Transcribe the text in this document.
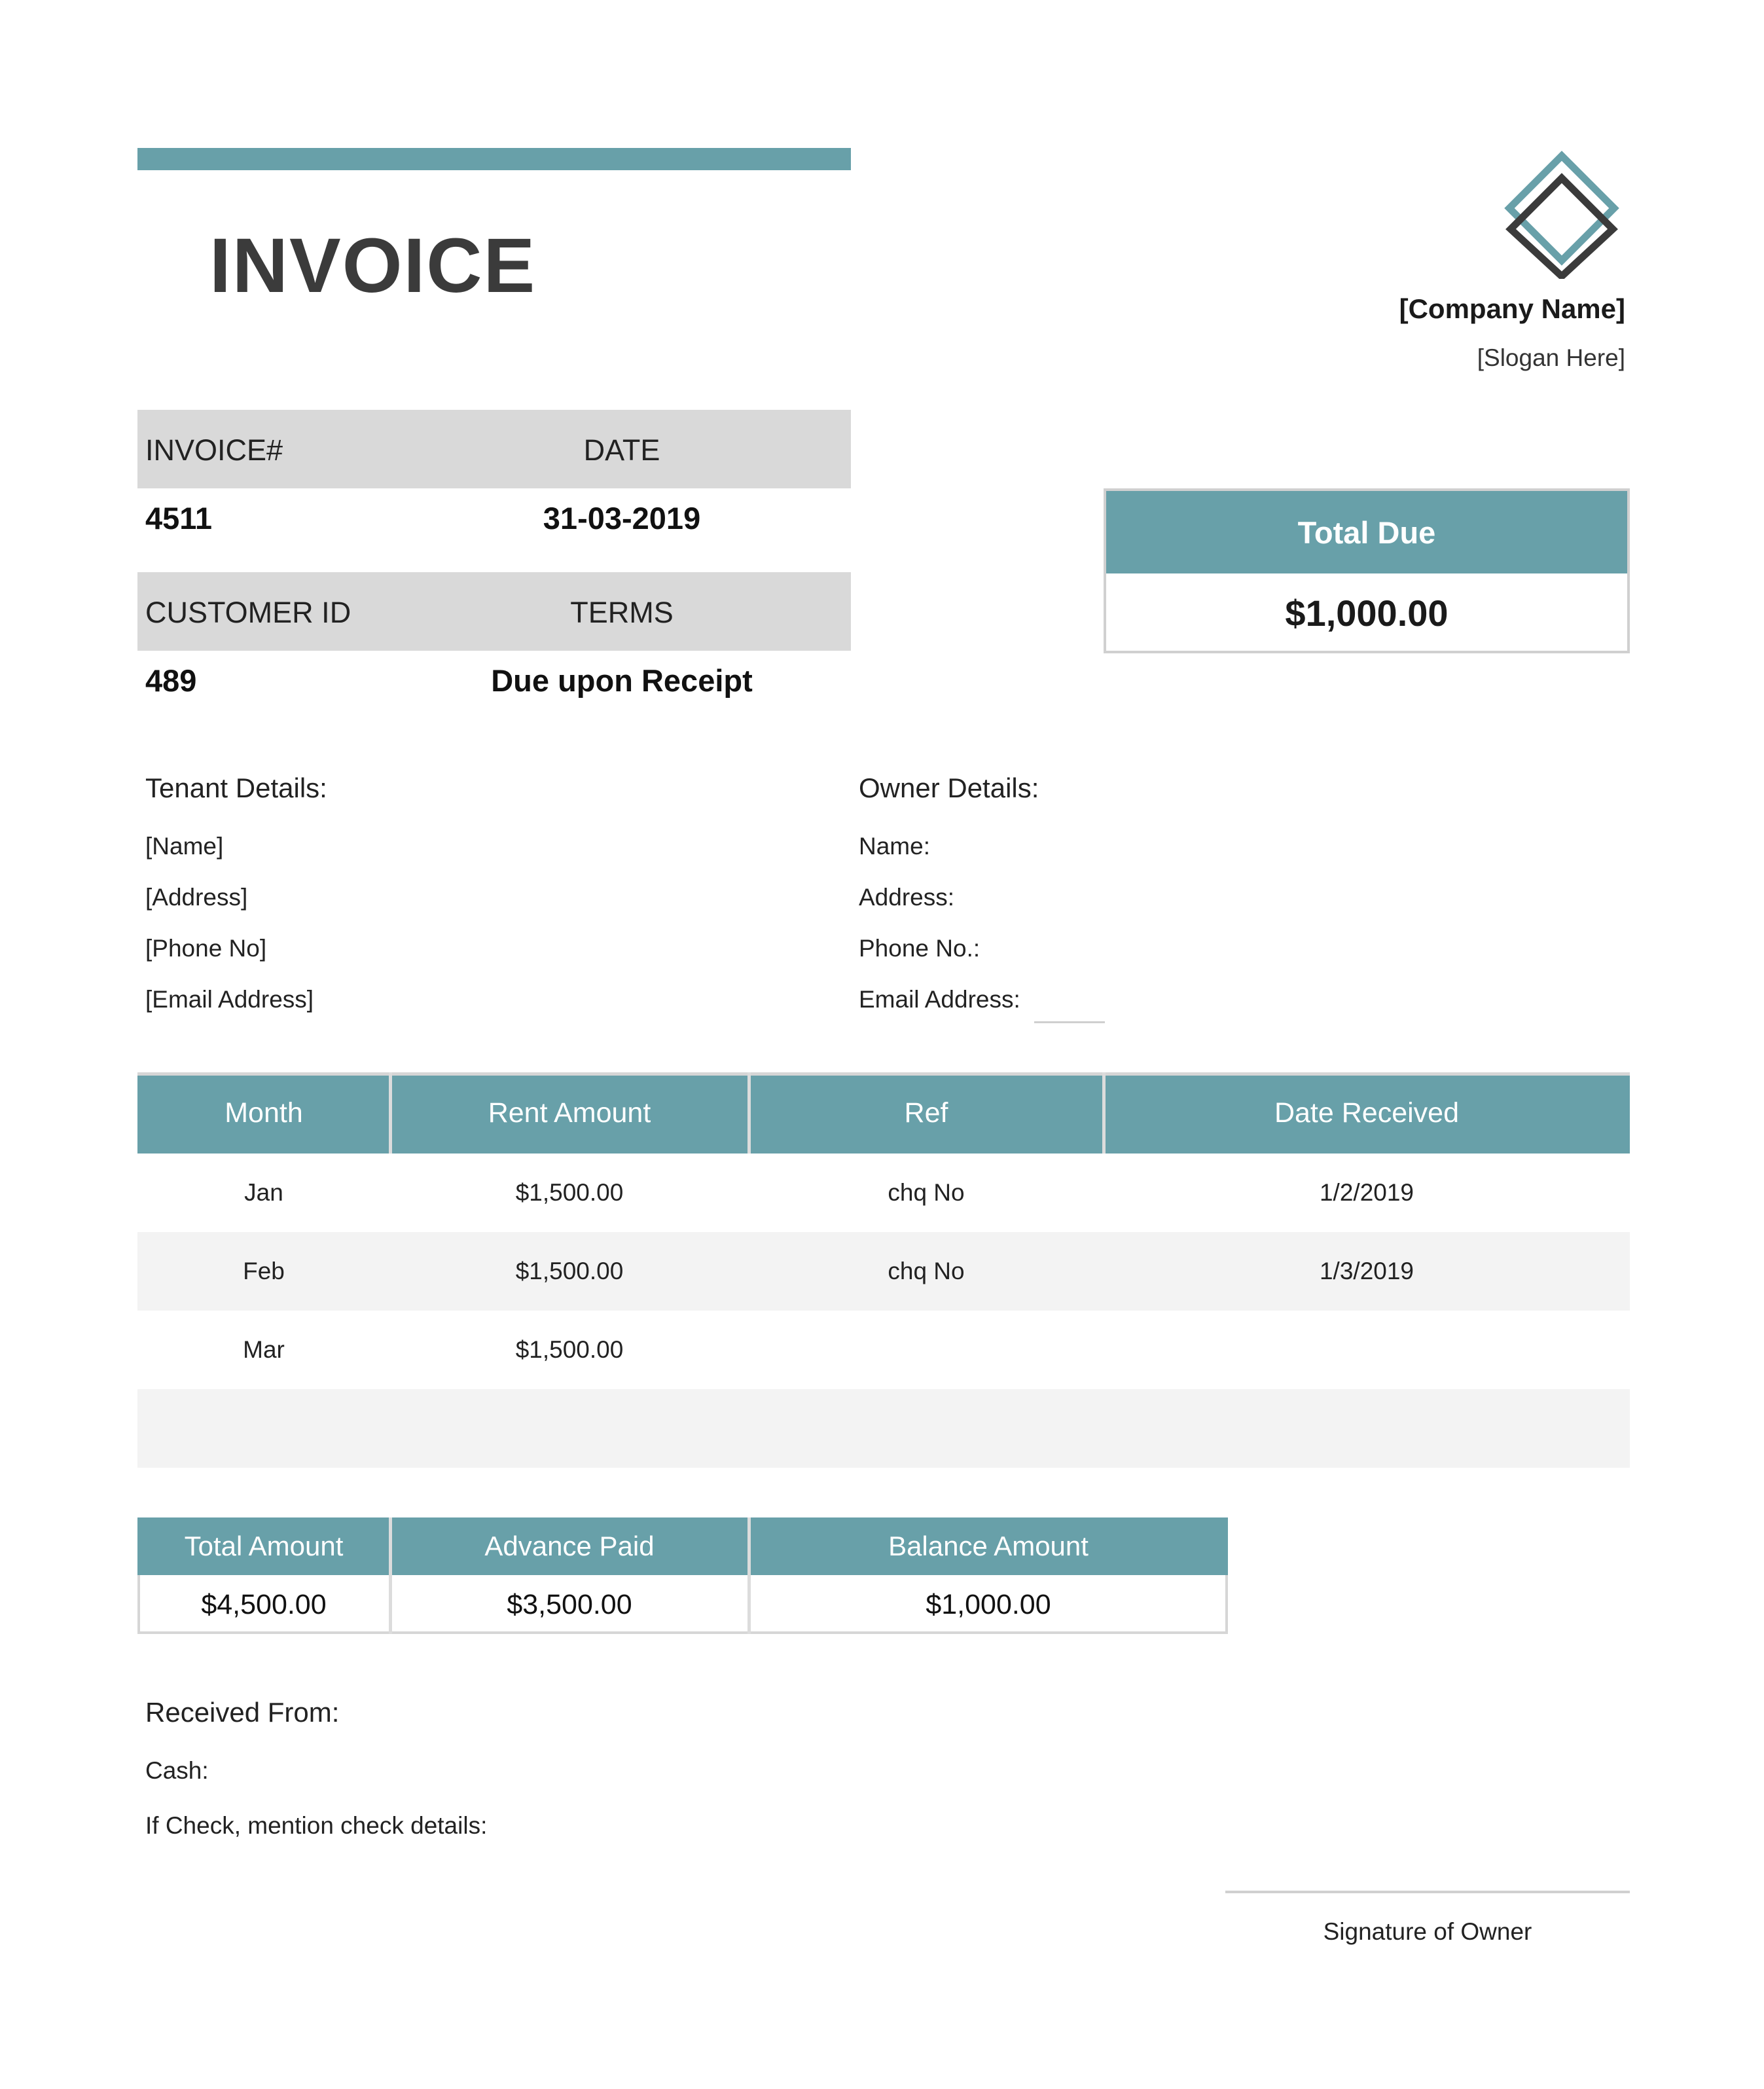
INVOICE	[Company Name]
[Slogan Here]
INVOICE#	DATE
4511	31-03-2019
CUSTOMER ID	TERMS
489	Due upon Receipt
Total Due
$1,000.00
Tenant Details:
[Name]
[Address]
[Phone No]
[Email Address]
Owner Details:
Name:
Address:
Phone No.:
Email Address:
Month	Rent Amount	Ref	Date Received
Jan	$1,500.00	chq No	1/2/2019
Feb	$1,500.00	chq No	1/3/2019
Mar	$1,500.00
Total Amount	Advance Paid	Balance Amount
$4,500.00	$3,500.00	$1,000.00
Received From:
Cash:
If Check, mention check details:
Signature of Owner
